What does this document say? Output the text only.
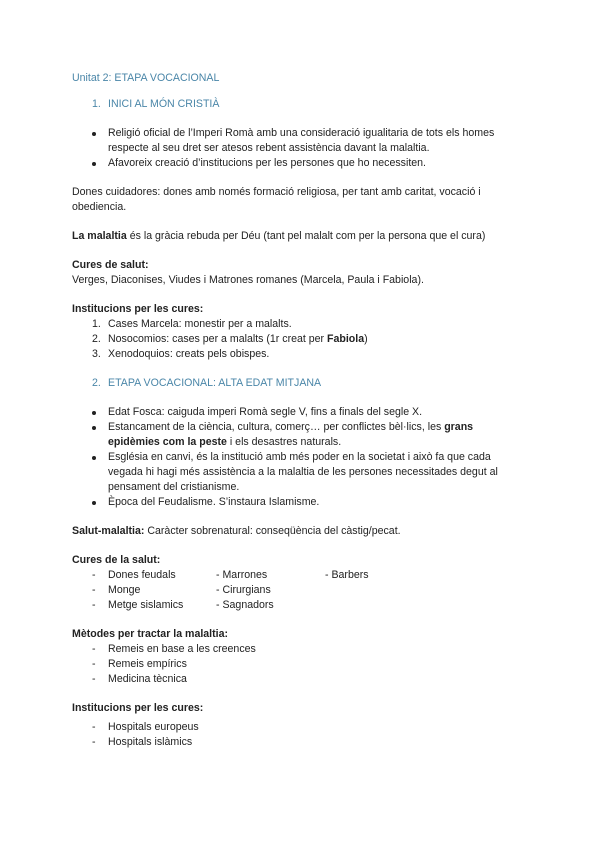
Unitat 2: ETAPA VOCACIONAL
1. INICI AL MÓN CRISTIÀ
Religió oficial de l’Imperi Romà amb una consideració igualitaria de tots els homes
respecte al seu dret ser atesos rebent assistència davant la malaltia.
Afavoreix creació d’institucions per les persones que ho necessiten.
Dones cuidadores: dones amb només formació religiosa, per tant amb caritat, vocació i
obediencia.
La malaltia és la gràcia rebuda per Déu (tant pel malalt com per la persona que el cura)
Cures de salut:
Verges, Diaconises, Viudes i Matrones romanes (Marcela, Paula i Fabiola).
Institucions per les cures:
1. Cases Marcela: monestir per a malalts.
2. Nosocomios: cases per a malalts (1r creat per Fabiola)
3. Xenodoquios: creats pels obispes.
2. ETAPA VOCACIONAL: ALTA EDAT MITJANA
Edat Fosca: caiguda imperi Romà segle V, fins a finals del segle X.
Estancament de la ciència, cultura, comerç… per conflictes bèl·lics, les grans
epidèmies com la peste i els desastres naturals.
Església en canvi, és la institució amb més poder en la societat i això fa que cada
vegada hi hagi més assistència a la malaltia de les persones necessitades degut al
pensament del cristianisme.
Època del Feudalisme. S’instaura Islamisme.
Salut-malaltia: Caràcter sobrenatural: conseqüència del càstig/pecat.
Cures de la salut:
-
-
-
Dones feudals
Monge
Metge sislamics
- Marrones
- Cirurgians
- Sagnadors
- Barbers
Mètodes per tractar la malaltia:
-
-
-
Remeis en base a les creences
Remeis empírics
Medicina tècnica
Institucions per les cures:
-
-
Hospitals europeus
Hospitals islàmics
